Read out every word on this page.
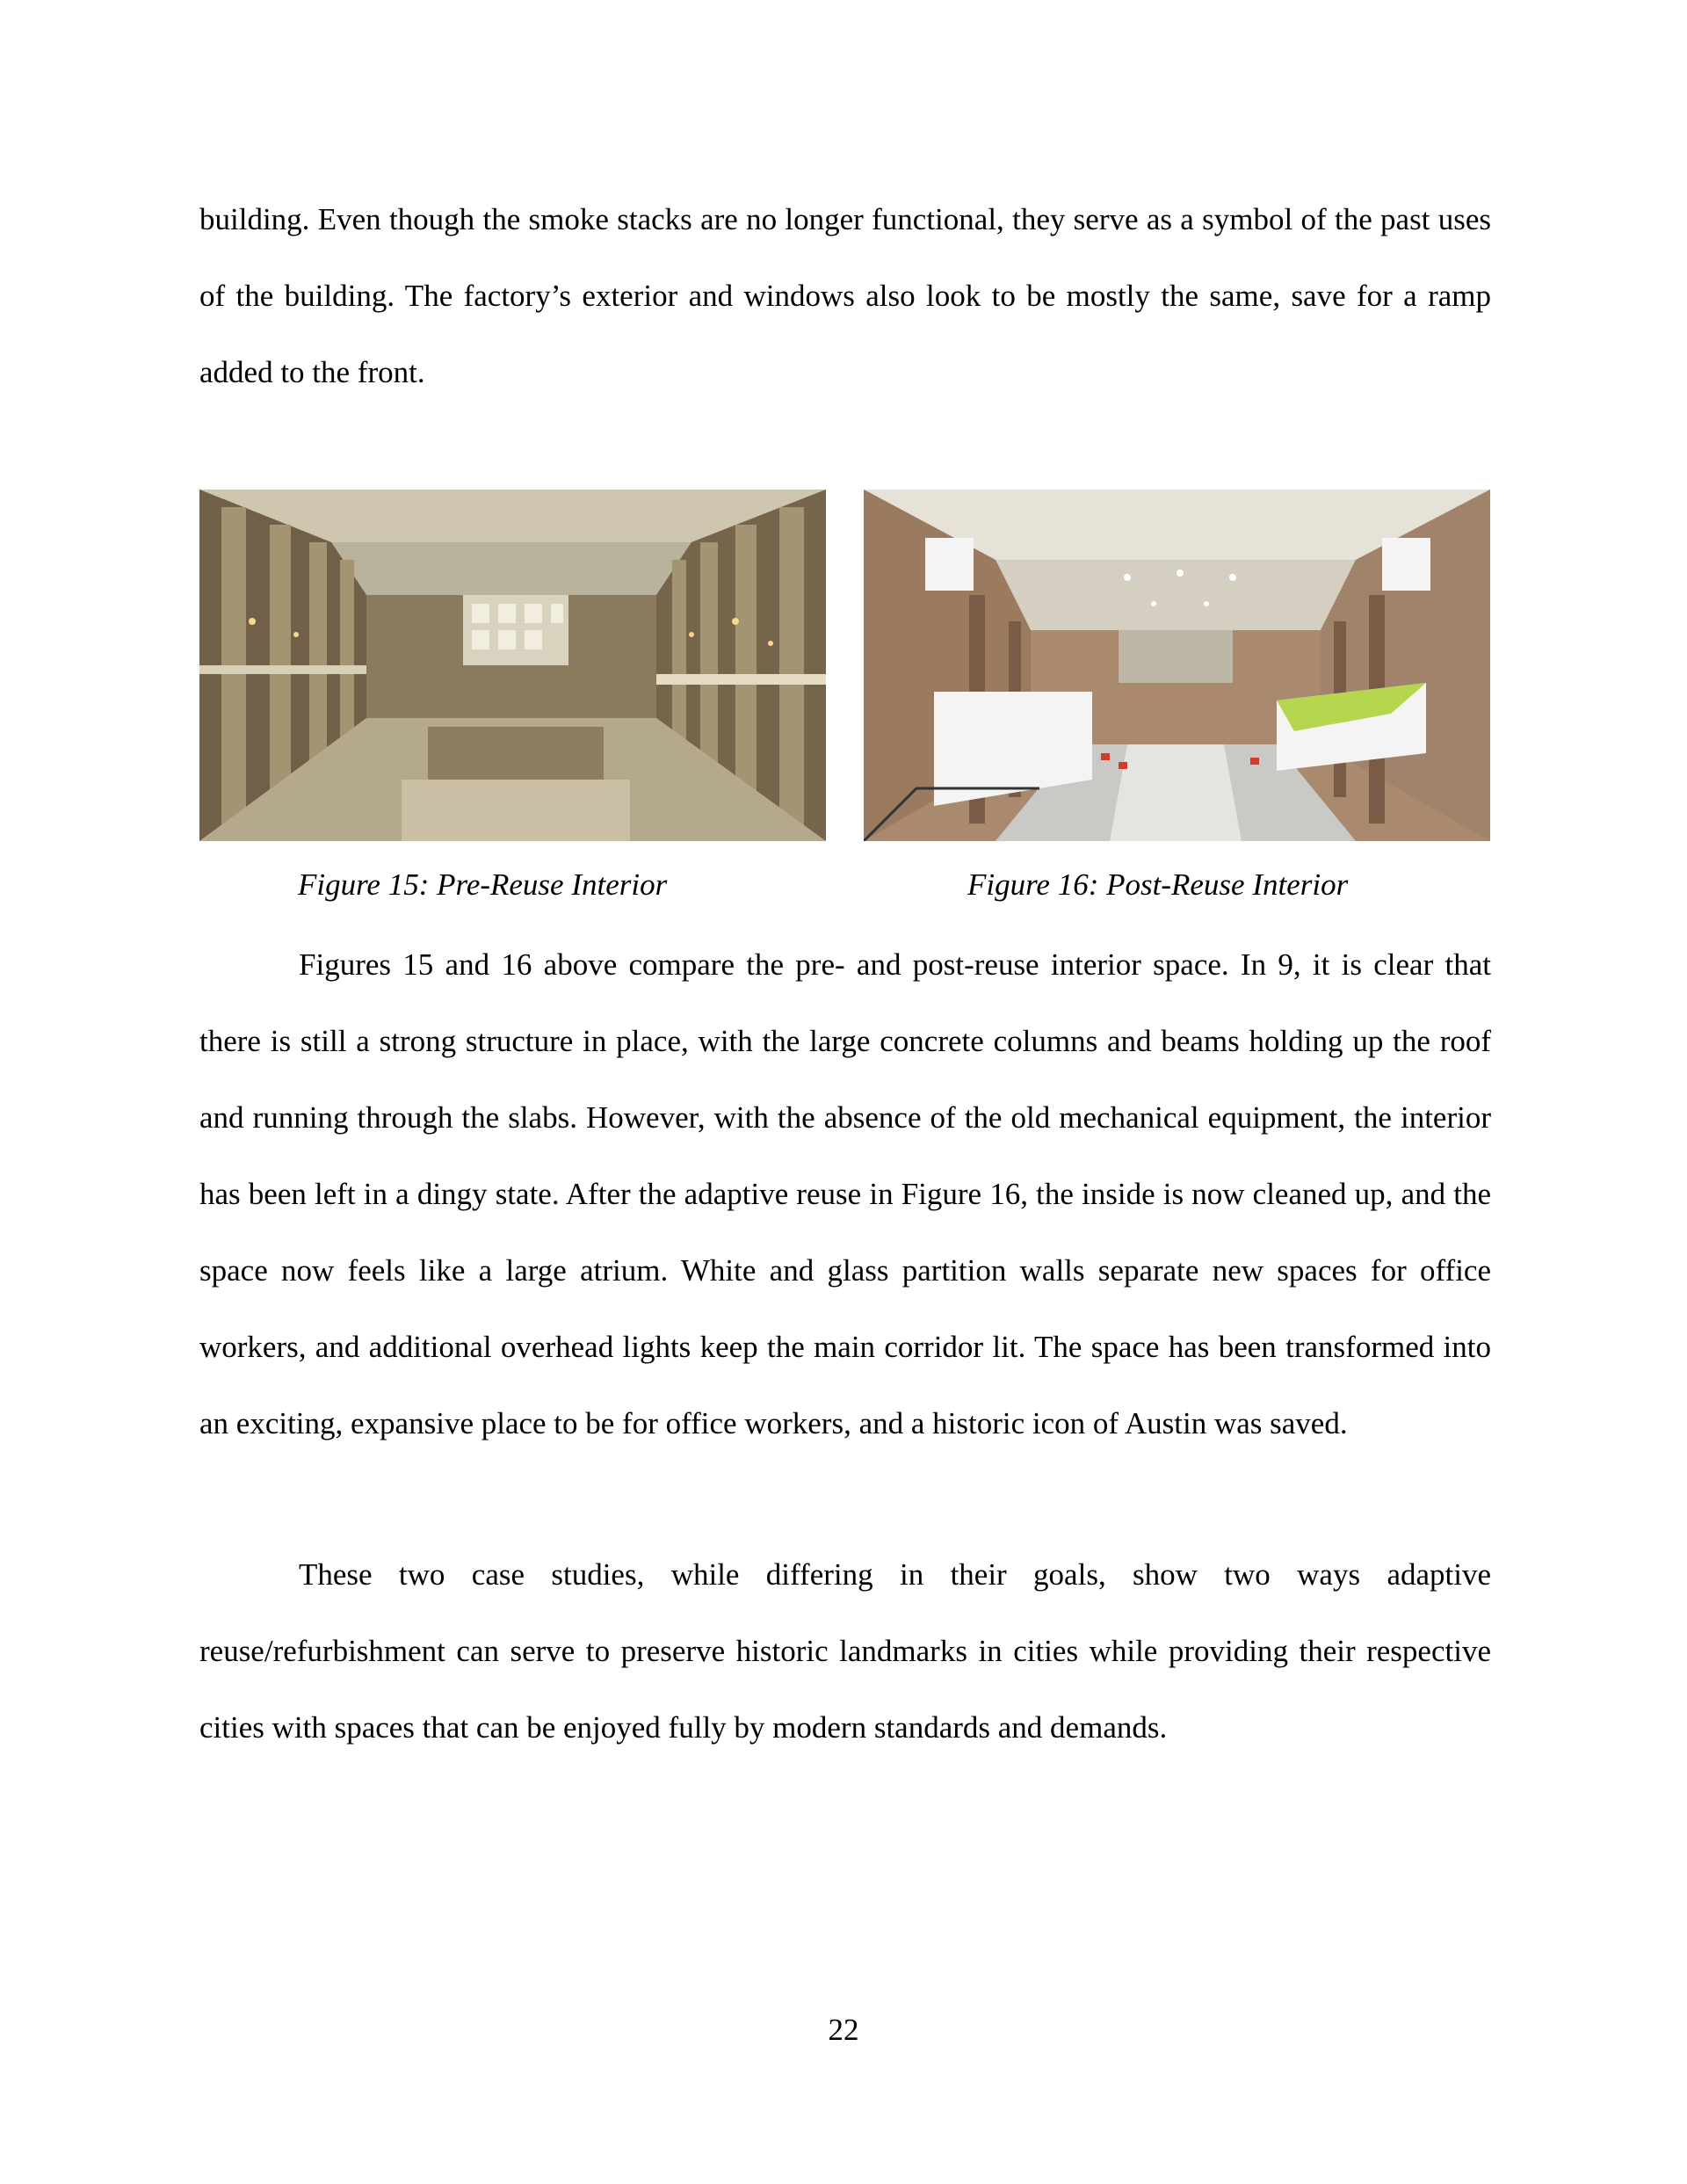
building. Even though the smoke stacks are no longer functional, they serve as a symbol of the past uses of the building. The factory’s exterior and windows also look to be mostly the same, save for a ramp added to the front.

Figure 15: Pre-Reuse Interior	Figure 16: Post-Reuse Interior

Figures 15 and 16 above compare the pre- and post-reuse interior space. In 9, it is clear that there is still a strong structure in place, with the large concrete columns and beams holding up the roof and running through the slabs. However, with the absence of the old mechanical equipment, the interior has been left in a dingy state. After the adaptive reuse in Figure 16, the inside is now cleaned up, and the space now feels like a large atrium. White and glass partition walls separate new spaces for office workers, and additional overhead lights keep the main corridor lit. The space has been transformed into an exciting, expansive place to be for office workers, and a historic icon of Austin was saved.

These two case studies, while differing in their goals, show two ways adaptive reuse/refurbishment can serve to preserve historic landmarks in cities while providing their respective cities with spaces that can be enjoyed fully by modern standards and demands.

22
